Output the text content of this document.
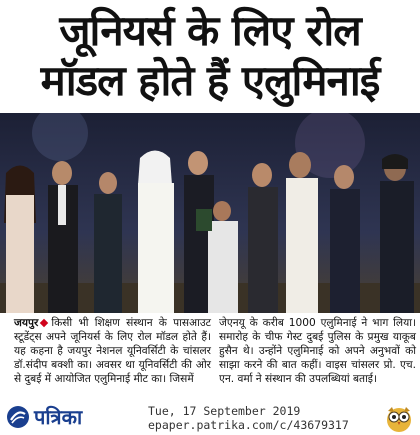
जूनियर्स के लिए रोल
मॉडल होते हैं एलुमिनाई

जयपुर किसी भी शिक्षण संस्थान के पासआउट स्टूडेंट्स अपने जूनियर्स के लिए रोल मॉडल होते हैं। यह कहना है जयपुर नेशनल यूनिवर्सिटी के चांसलर डॉ.संदीप बक्शी का। अवसर था यूनिवर्सिटी की ओर से दुबई में आयोजित एलुमिनाई मीट का। जिसमें

जेएनयू के करीब 1000 एलुमिनाई ने भाग लिया। समारोह के चीफ गेस्ट दुबई पुलिस के प्रमुख याकूब हुसैन थे। उन्होंने एलुमिनाई को अपने अनुभवों को साझा करने की बात कहीं। वाइस चांसलर प्रो. एच. एन. वर्मा ने संस्थान की उपलब्धियां बताई।

पत्रिका	Tue, 17 September 2019
epaper.patrika.com/c/43679317
